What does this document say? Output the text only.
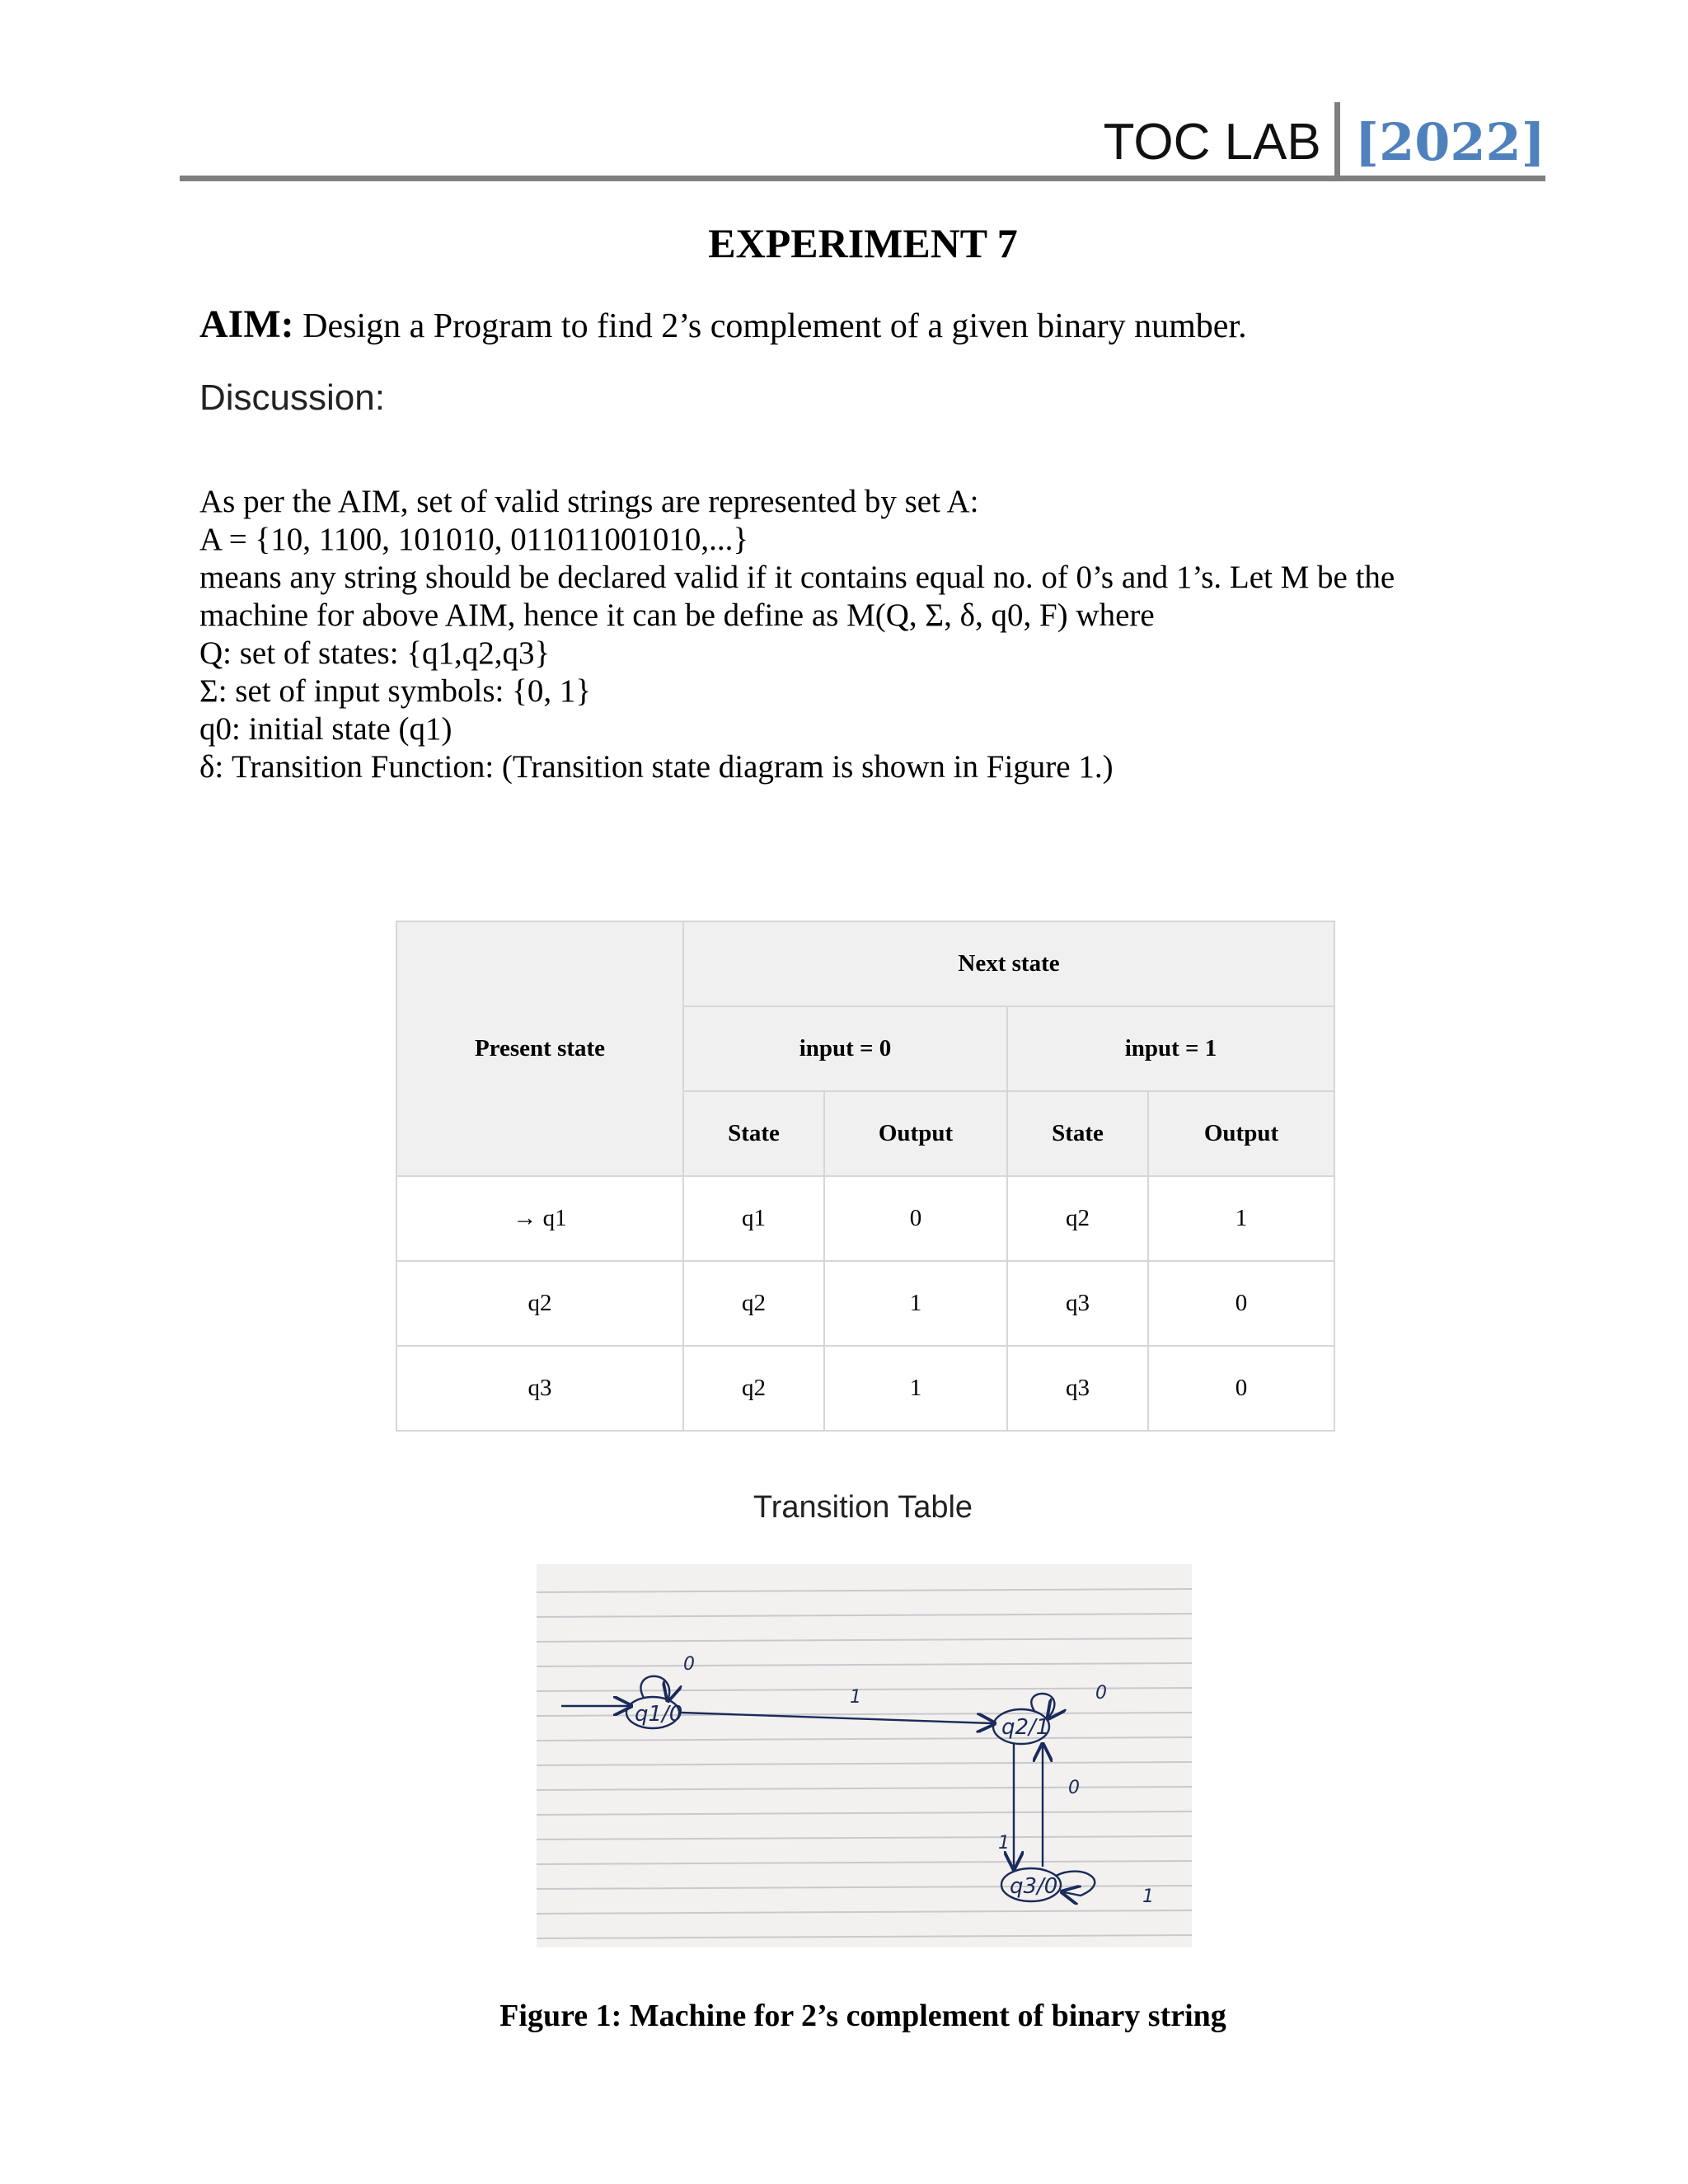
TOC LAB [2022]
EXPERIMENT 7
AIM: Design a Program to find 2’s complement of a given binary number.
Discussion:
As per the AIM, set of valid strings are represented by set A:
A = {10, 1100, 101010, 011011001010,...}
means any string should be declared valid if it contains equal no. of 0’s and 1’s. Let M be the
machine for above AIM, hence it can be define as M(Q, Σ, δ, q0, F) where
Q: set of states: {q1,q2,q3}
Σ: set of input symbols: {0, 1}
q0: initial state (q1)
δ: Transition Function: (Transition state diagram is shown in Figure 1.)
Present state	Next state			
	input = 0		input = 1	
	State	Output	State	Output
→ q1	q1	0	q2	1
q2	q2	1	q3	0
q3	q2	1	q3	0
Transition Table
q1/0
0
1
q2/1
0
0
1
q3/0	1
Figure 1: Machine for 2’s complement of binary string
